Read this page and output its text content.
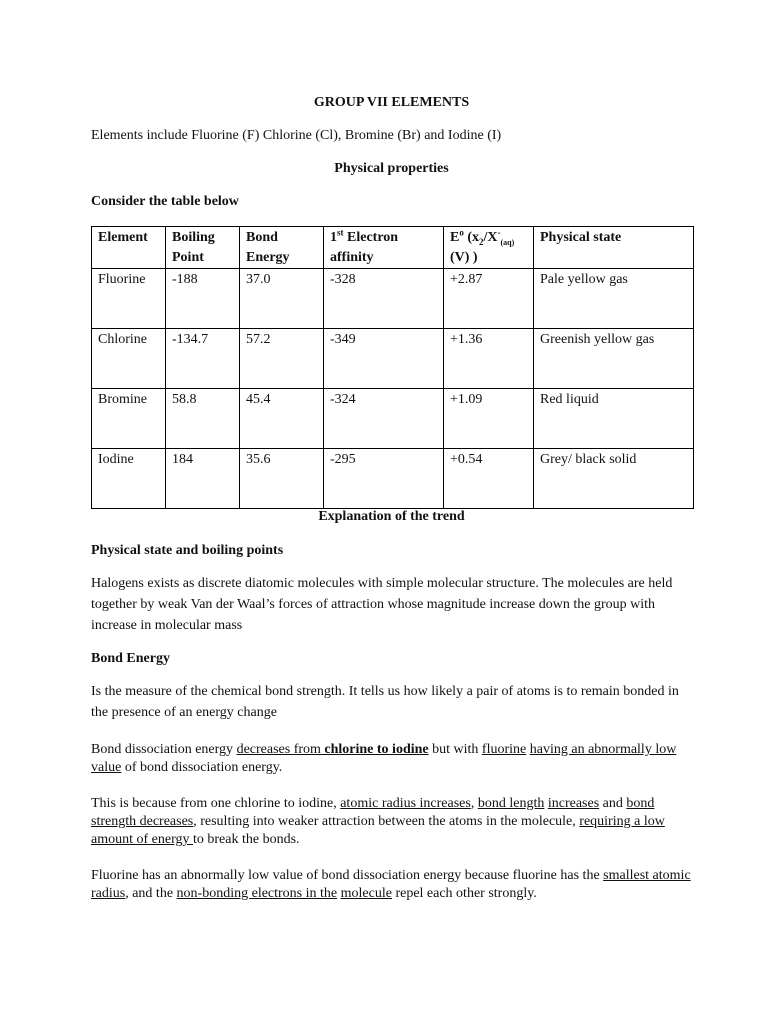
GROUP VII ELEMENTS
Elements include Fluorine (F) Chlorine (Cl), Bromine (Br) and Iodine (I)
Physical properties
Consider the table below
Element	Boiling Point	Bond Energy	1st Electron affinity	$E^o$ ($x_2/X^-_{(aq)}$ (V) )	Physical state
Fluorine	-188	37.0	-328	+2.87	Pale yellow gas
Chlorine	-134.7	57.2	-349	+1.36	Greenish yellow gas
Bromine	58.8	45.4	-324	+1.09	Red liquid
Iodine	184	35.6	-295	+0.54	Grey/ black solid
Explanation of the trend
Physical state and boiling points
Halogens exists as discrete diatomic molecules with simple molecular structure. The molecules are held together by weak Van der Waal’s forces of attraction whose magnitude increase down the group with increase in molecular mass
Bond Energy
Is the measure of the chemical bond strength. It tells us how likely a pair of atoms is to remain bonded in the presence of an energy change
Bond dissociation energy decreases from chlorine to iodine but with fluorine having an abnormally low value of bond dissociation energy.
This is because from one chlorine to iodine, atomic radius increases, bond length increases and bond strength decreases, resulting into weaker attraction between the atoms in the molecule, requiring a low amount of energy to break the bonds.
Fluorine has an abnormally low value of bond dissociation energy because fluorine has the smallest atomic radius, and the non-bonding electrons in the molecule repel each other strongly.
